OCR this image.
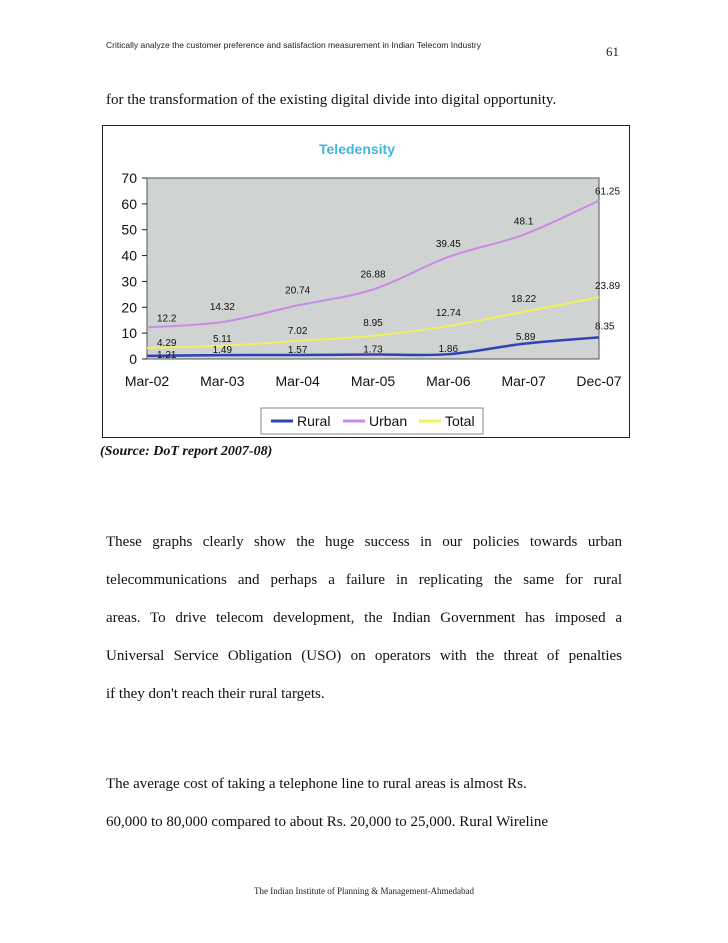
Critically analyze the customer preference and satisfaction measurement in Indian Telecom Industry	61
for the transformation of the existing digital divide into digital opportunity.
Teledensity
0
10
20
30
40
50
60
70
Mar-02 Mar-03 Mar-04 Mar-05 Mar-06 Mar-07 Dec-07
1.21	1.49	1.57	1.73	1.86
5.89
8.35
12.2
14.32
20.74
26.88
39.45
48.1
61.25
4.29	5.11
7.02
8.95
12.74
18.22
23.89
Rural	Urban	Total
(Source: DoT report 2007-08)
These graphs clearly show the huge success in our policies towards urban
telecommunications and perhaps a failure in replicating the same for rural
areas. To drive telecom development, the Indian Government has imposed a
Universal Service Obligation (USO) on operators with the threat of penalties
if they don't reach their rural targets.
The average cost of taking a telephone line to rural areas is almost Rs.
60,000 to 80,000 compared to about Rs. 20,000 to 25,000. Rural Wireline
The Indian Institute of Planning & Management-Ahmedabad
